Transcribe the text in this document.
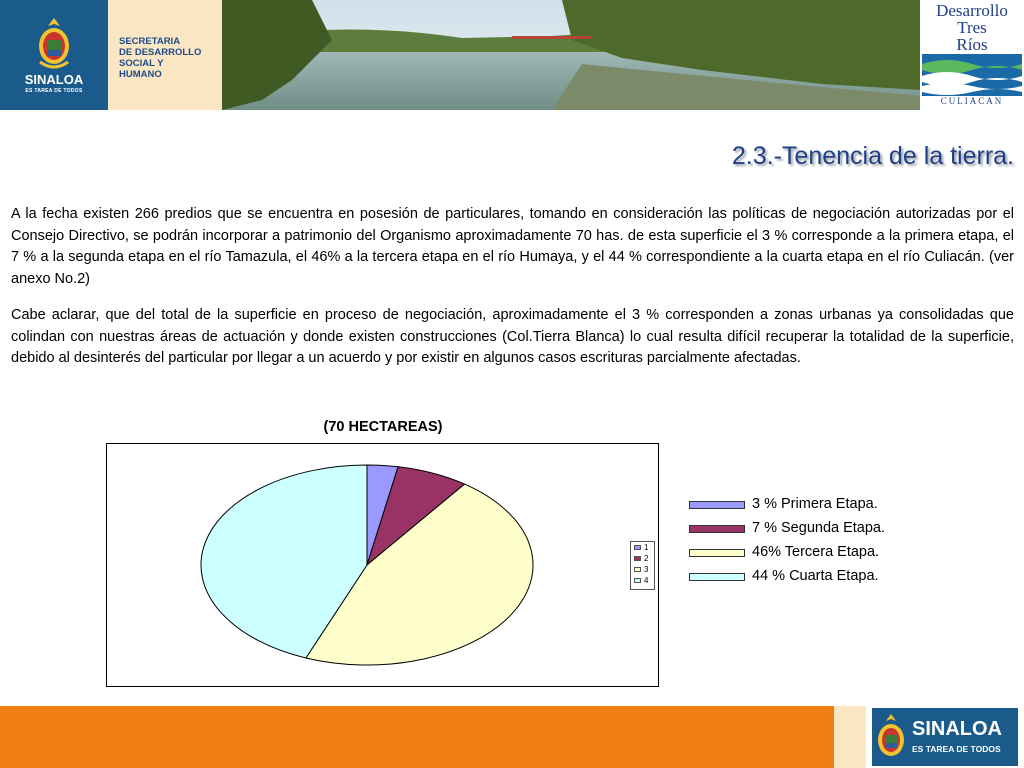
SINALOA
ES TAREA DE TODOS
SECRETARIA
DE DESARROLLO
SOCIAL Y
HUMANO
Desarrollo
Tres
Ríos
CULIACAN
2.3.-Tenencia de la tierra.
A la fecha existen 266 predios que se encuentra en posesión de particulares, tomando en consideración las políticas de negociación autorizadas por el Consejo Directivo, se podrán incorporar a patrimonio del Organismo aproximadamente 70 has. de esta superficie el 3 % corresponde a la primera etapa, el 7 % a la segunda etapa en el río Tamazula, el 46% a la tercera etapa en el río Humaya, y el 44 % correspondiente a la cuarta etapa en el río Culiacán. (ver anexo No.2)
Cabe aclarar, que del total de la superficie en proceso de negociación, aproximadamente el 3 % corresponden a zonas urbanas ya consolidadas que colindan con nuestras áreas de actuación y donde existen construcciones (Col.Tierra Blanca) lo cual resulta difícil recuperar la totalidad de la superficie, debido al desinterés del particular por llegar a un acuerdo y por existir en algunos casos escrituras parcialmente afectadas.
(70 HECTAREAS)
1
2
3
4
3 % Primera Etapa.
7 % Segunda Etapa.
46% Tercera Etapa.
44 % Cuarta Etapa.
SINALOA
ES TAREA DE TODOS
